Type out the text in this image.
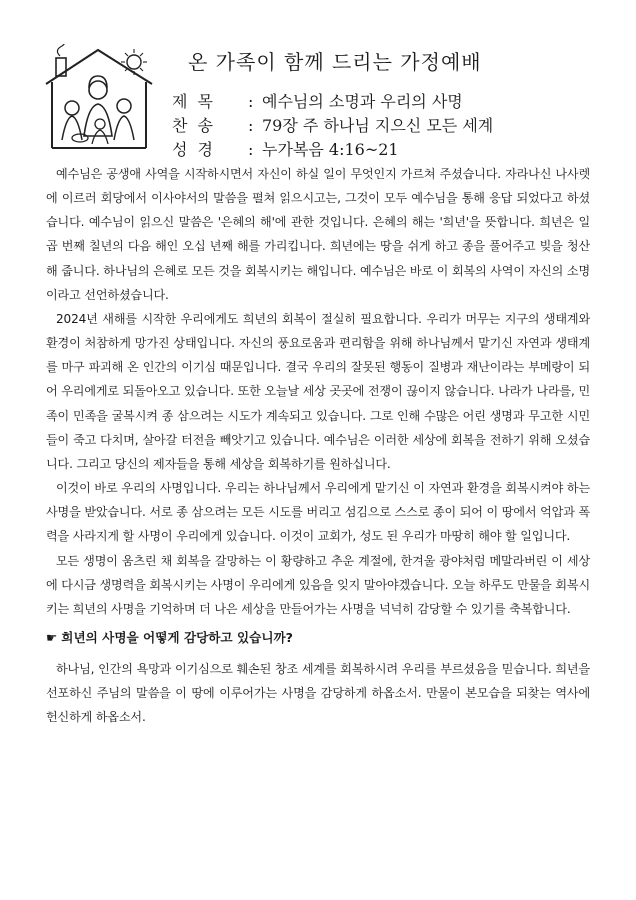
온 가족이 함께 드리는 가정예배
제목 : 예수님의 소명과 우리의 사명
찬송 : 79장 주 하나님 지으신 모든 세계
성경 : 누가복음 4:16~21

예수님은 공생애 사역을 시작하시면서 자신이 하실 일이 무엇인지 가르쳐 주셨습니다. 자라나신 나사렛에 이르러 회당에서 이사야서의 말씀을 펼쳐 읽으시고는, 그것이 모두 예수님을 통해 응답 되었다고 하셨습니다. 예수님이 읽으신 말씀은 '은혜의 해'에 관한 것입니다. 은혜의 해는 '희년'을 뜻합니다. 희년은 일곱 번째 칠년의 다음 해인 오십 년째 해를 가리킵니다. 희년에는 땅을 쉬게 하고 종을 풀어주고 빚을 청산해 줍니다. 하나님의 은혜로 모든 것을 회복시키는 해입니다. 예수님은 바로 이 회복의 사역이 자신의 소명이라고 선언하셨습니다.

2024년 새해를 시작한 우리에게도 희년의 회복이 절실히 필요합니다. 우리가 머무는 지구의 생태계와 환경이 처참하게 망가진 상태입니다. 자신의 풍요로움과 편리함을 위해 하나님께서 맡기신 자연과 생태계를 마구 파괴해 온 인간의 이기심 때문입니다. 결국 우리의 잘못된 행동이 질병과 재난이라는 부메랑이 되어 우리에게로 되돌아오고 있습니다. 또한 오늘날 세상 곳곳에 전쟁이 끊이지 않습니다. 나라가 나라를, 민족이 민족을 굴복시켜 종 삼으려는 시도가 계속되고 있습니다. 그로 인해 수많은 어린 생명과 무고한 시민들이 죽고 다치며, 살아갈 터전을 빼앗기고 있습니다. 예수님은 이러한 세상에 회복을 전하기 위해 오셨습니다. 그리고 당신의 제자들을 통해 세상을 회복하기를 원하십니다.

이것이 바로 우리의 사명입니다. 우리는 하나님께서 우리에게 맡기신 이 자연과 환경을 회복시켜야 하는 사명을 받았습니다. 서로 종 삼으려는 모든 시도를 버리고 섬김으로 스스로 종이 되어 이 땅에서 억압과 폭력을 사라지게 할 사명이 우리에게 있습니다. 이것이 교회가, 성도 된 우리가 마땅히 해야 할 일입니다.

모든 생명이 움츠린 채 회복을 갈망하는 이 황량하고 추운 계절에, 한겨울 광야처럼 메말라버린 이 세상에 다시금 생명력을 회복시키는 사명이 우리에게 있음을 잊지 말아야겠습니다. 오늘 하루도 만물을 회복시키는 희년의 사명을 기억하며 더 나은 세상을 만들어가는 사명을 넉넉히 감당할 수 있기를 축복합니다.

☛ 희년의 사명을 어떻게 감당하고 있습니까?

하나님, 인간의 욕망과 이기심으로 훼손된 창조 세계를 회복하시려 우리를 부르셨음을 믿습니다. 희년을 선포하신 주님의 말씀을 이 땅에 이루어가는 사명을 감당하게 하옵소서. 만물이 본모습을 되찾는 역사에 헌신하게 하옵소서.
